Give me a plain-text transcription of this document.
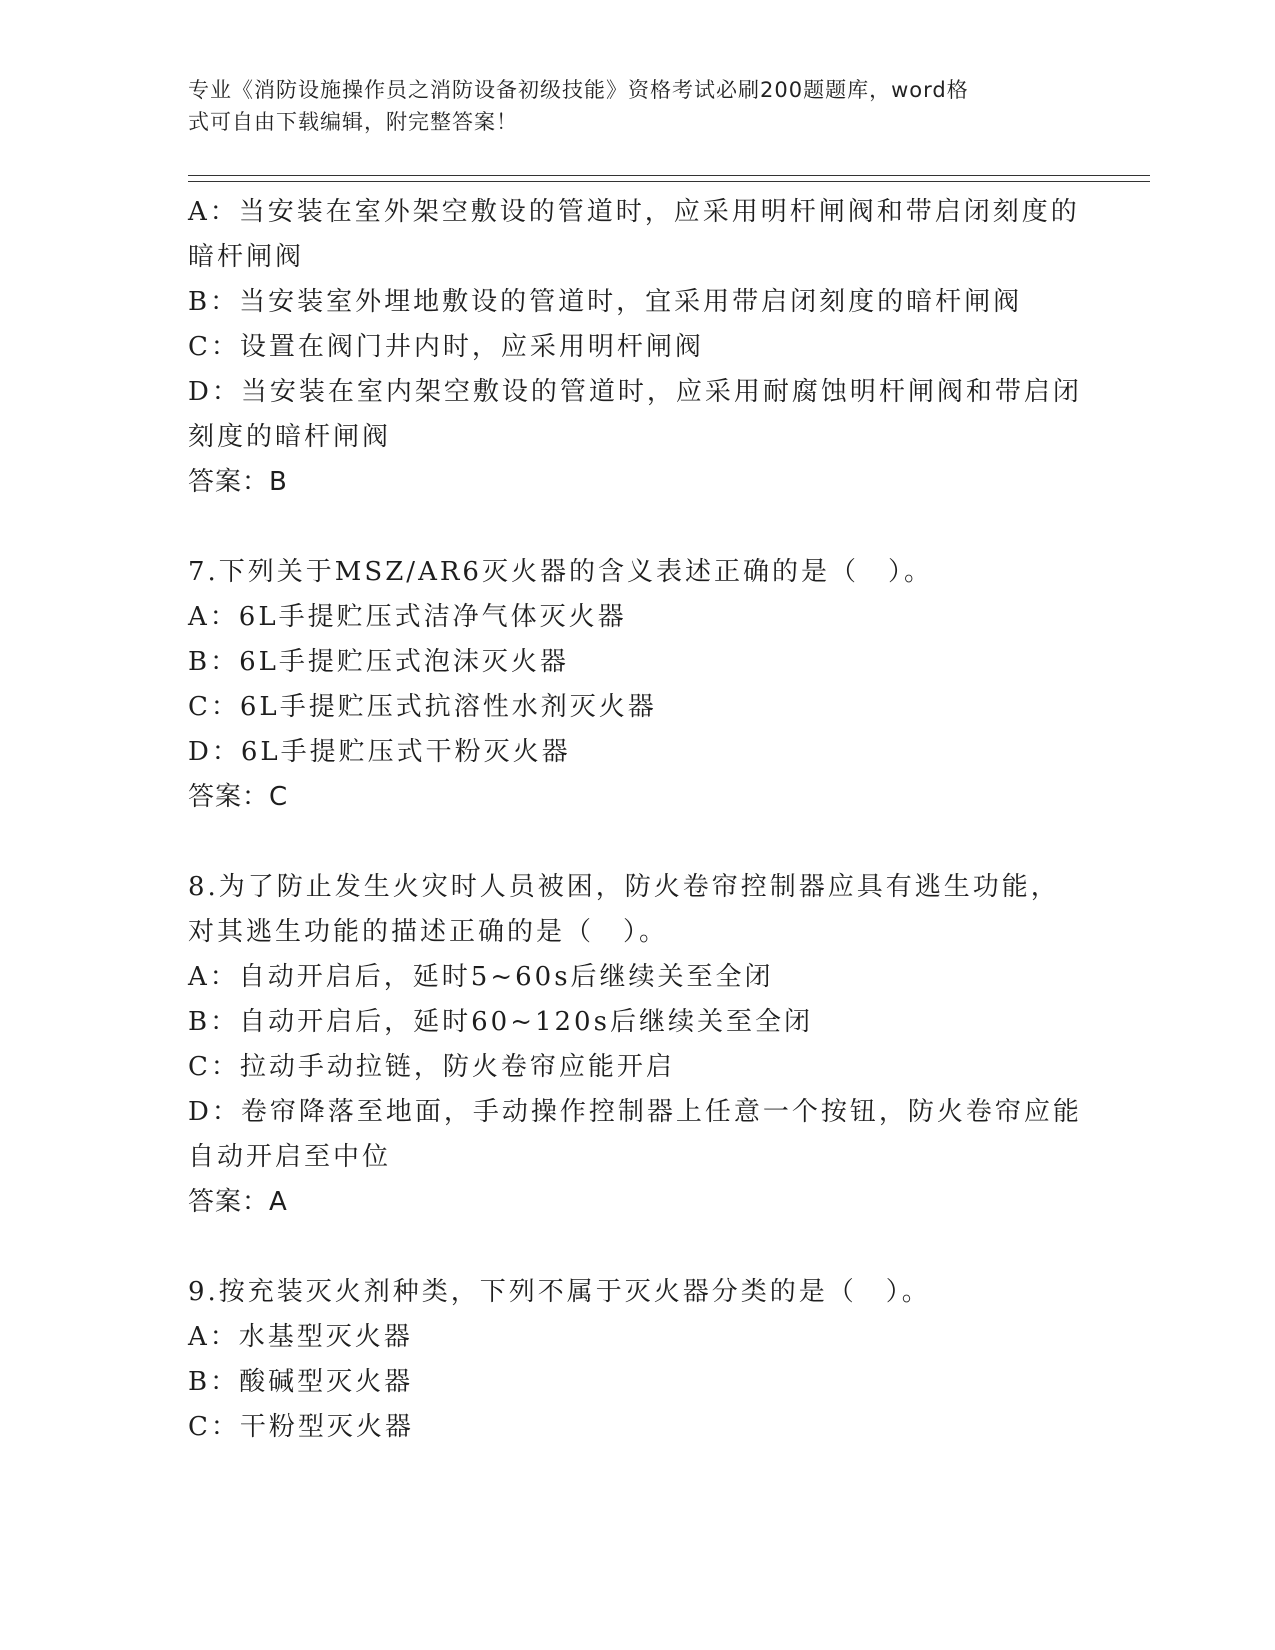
专业《消防设施操作员之消防设备初级技能》资格考试必刷200题题库，word格
式可自由下载编辑，附完整答案！
A：当安装在室外架空敷设的管道时，应采用明杆闸阀和带启闭刻度的
暗杆闸阀
B：当安装室外埋地敷设的管道时，宜采用带启闭刻度的暗杆闸阀
C：设置在阀门井内时，应采用明杆闸阀
D：当安装在室内架空敷设的管道时，应采用耐腐蚀明杆闸阀和带启闭
刻度的暗杆闸阀
答案：B
7.下列关于MSZ/AR6灭火器的含义表述正确的是（　）。
A：6L手提贮压式洁净气体灭火器
B：6L手提贮压式泡沫灭火器
C：6L手提贮压式抗溶性水剂灭火器
D：6L手提贮压式干粉灭火器
答案：C
8.为了防止发生火灾时人员被困，防火卷帘控制器应具有逃生功能，
对其逃生功能的描述正确的是（　）。
A：自动开启后，延时5~60s后继续关至全闭
B：自动开启后，延时60~120s后继续关至全闭
C：拉动手动拉链，防火卷帘应能开启
D：卷帘降落至地面，手动操作控制器上任意一个按钮，防火卷帘应能
自动开启至中位
答案：A
9.按充装灭火剂种类，下列不属于灭火器分类的是（　）。
A：水基型灭火器
B：酸碱型灭火器
C：干粉型灭火器
